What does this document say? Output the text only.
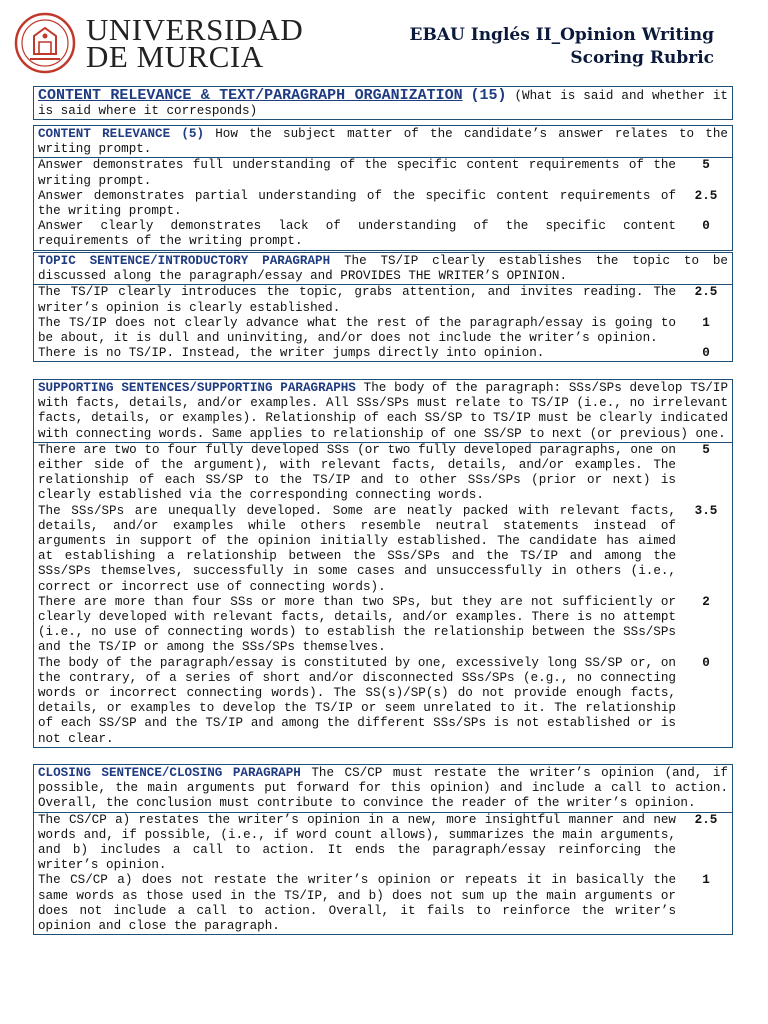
UNIVERSIDAD
DE MURCIA
EBAU Inglés II_Opinion Writing
Scoring Rubric
CONTENT RELEVANCE & TEXT/PARAGRAPH ORGANIZATION (15) (What is said and whether it is said where it corresponds)
CONTENT RELEVANCE (5) How the subject matter of the candidate’s answer relates to the writing prompt.
Answer demonstrates full understanding of the specific content requirements of the writing prompt.
5
Answer demonstrates partial understanding of the specific content requirements of the writing prompt.
2.5
Answer clearly demonstrates lack of understanding of the specific content requirements of the writing prompt.
0
TOPIC SENTENCE/INTRODUCTORY PARAGRAPH The TS/IP clearly establishes the topic to be discussed along the paragraph/essay and PROVIDES THE WRITER’S OPINION.
The TS/IP clearly introduces the topic, grabs attention, and invites reading. The writer’s opinion is clearly established.
2.5
The TS/IP does not clearly advance what the rest of the paragraph/essay is going to be about, it is dull and uninviting, and/or does not include the writer’s opinion.
1
There is no TS/IP. Instead, the writer jumps directly into opinion.	0
SUPPORTING SENTENCES/SUPPORTING PARAGRAPHS The body of the paragraph: SSs/SPs develop TS/IP with facts, details, and/or examples. All SSs/SPs must relate to TS/IP (i.e., no irrelevant facts, details, or examples). Relationship of each SS/SP to TS/IP must be clearly indicated with connecting words. Same applies to relationship of one SS/SP to next (or previous) one.
There are two to four fully developed SSs (or two fully developed paragraphs, one on either side of the argument), with relevant facts, details, and/or examples. The relationship of each SS/SP to the TS/IP and to other SSs/SPs (prior or next) is clearly established via the corresponding connecting words.
5
The SSs/SPs are unequally developed. Some are neatly packed with relevant facts, details, and/or examples while others resemble neutral statements instead of arguments in support of the opinion initially established. The candidate has aimed at establishing a relationship between the SSs/SPs and the TS/IP and among the SSs/SPs themselves, successfully in some cases and unsuccessfully in others (i.e., correct or incorrect use of connecting words).
3.5
There are more than four SSs or more than two SPs, but they are not sufficiently or clearly developed with relevant facts, details, and/or examples. There is no attempt (i.e., no use of connecting words) to establish the relationship between the SSs/SPs and the TS/IP or among the SSs/SPs themselves.
2
The body of the paragraph/essay is constituted by one, excessively long SS/SP or, on the contrary, of a series of short and/or disconnected SSs/SPs (e.g., no connecting words or incorrect connecting words). The SS(s)/SP(s) do not provide enough facts, details, or examples to develop the TS/IP or seem unrelated to it. The relationship of each SS/SP and the TS/IP and among the different SSs/SPs is not established or is not clear.
0
CLOSING SENTENCE/CLOSING PARAGRAPH The CS/CP must restate the writer’s opinion (and, if possible, the main arguments put forward for this opinion) and include a call to action. Overall, the conclusion must contribute to convince the reader of the writer’s opinion.
The CS/CP a) restates the writer’s opinion in a new, more insightful manner and new words and, if possible, (i.e., if word count allows), summarizes the main arguments, and b) includes a call to action. It ends the paragraph/essay reinforcing the writer’s opinion.
2.5
The CS/CP a) does not restate the writer’s opinion or repeats it in basically the same words as those used in the TS/IP, and b) does not sum up the main arguments or does not include a call to action. Overall, it fails to reinforce the writer’s opinion and close the paragraph.
1
